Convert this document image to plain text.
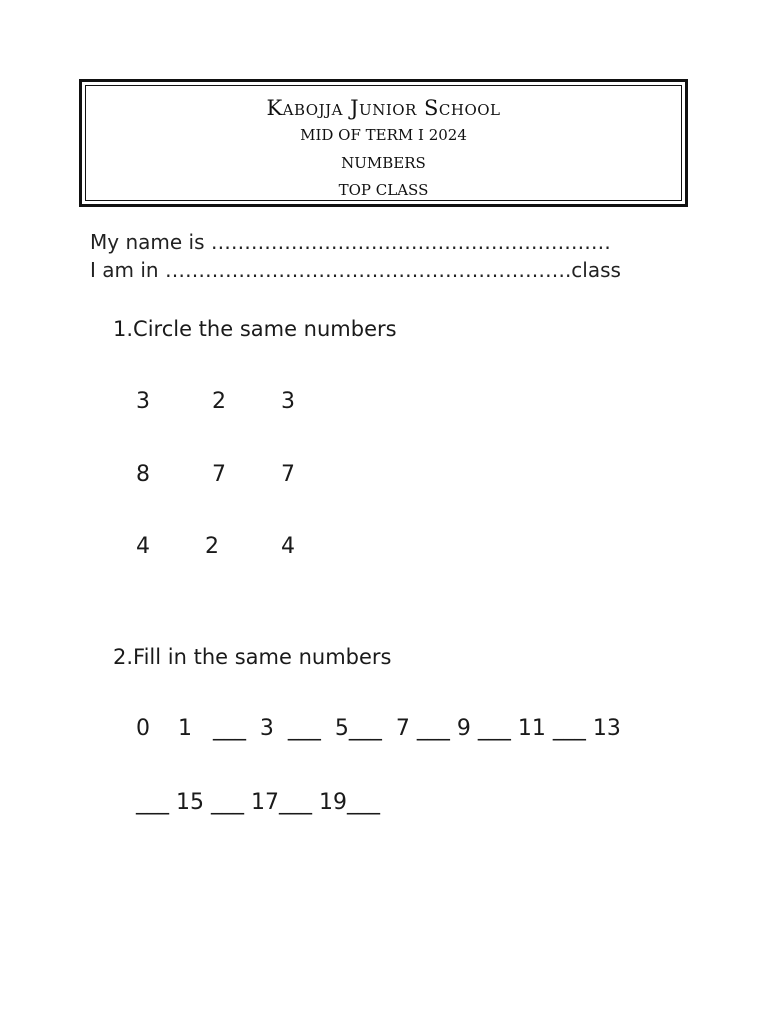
Kabojja Junior School
MID OF TERM I 2024
NUMBERS
TOP CLASS
My name is ……………………………………………………
I am in …………………………………………………….class
1.Circle the same numbers
3	2	3
8	7	7
4	2	4
2.Fill in the same numbers
0    1   ___  3  ___  5___  7 ___ 9 ___ 11 ___ 13
___ 15 ___ 17___ 19___
